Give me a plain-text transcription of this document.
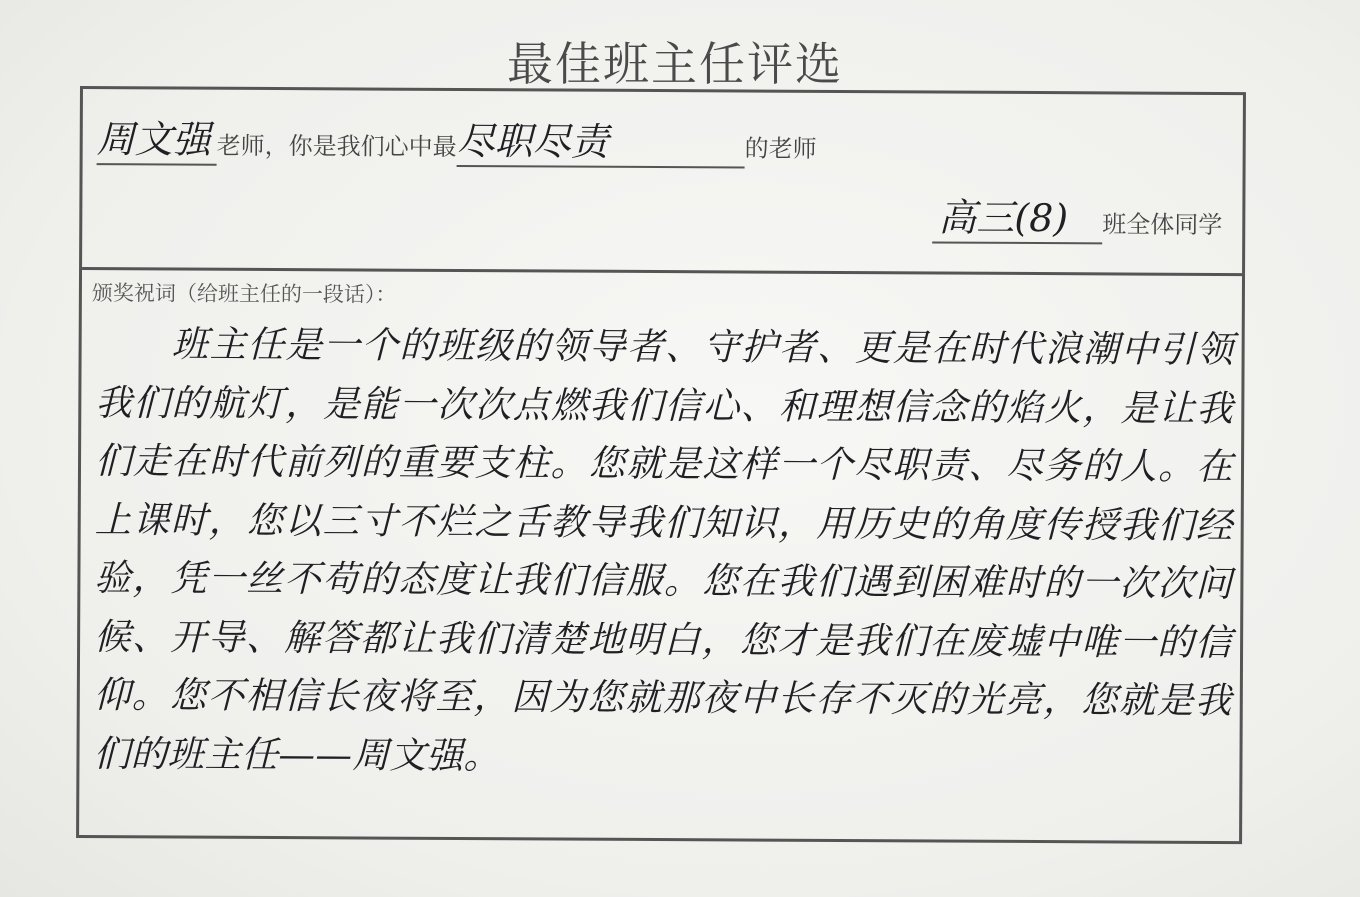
最佳班主任评选
周文强 老师，你是我们心中最尽职尽责	的老师
高三(8) 班全体同学
颁奖祝词（给班主任的一段话）：
班主任是一个的班级的领导者、守护者、更是在时代浪潮中引领我们的航灯，是能一次次点燃我们信心、和理想信念的焰火，是让我们走在时代前列的重要支柱。您就是这样一个尽职责、尽务的人。在上课时，您以三寸不烂之舌教导我们知识，用历史的角度传授我们经验，凭一丝不苟的态度让我们信服。您在我们遇到困难时的一次次问候、开导、解答都让我们清楚地明白，您才是我们在废墟中唯一的信仰。您不相信长夜将至，因为您就那夜中长存不灭的光亮，您就是我们的班主任——周文强。
